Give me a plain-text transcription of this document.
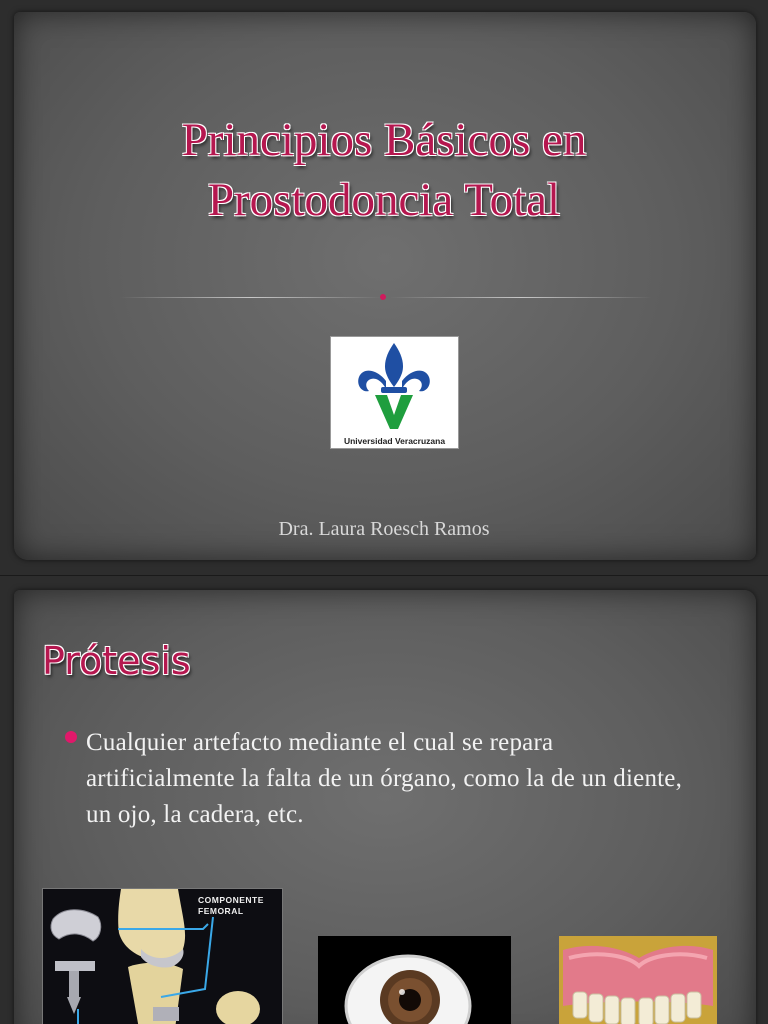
Principios Básicos en
Prostodoncia Total
Universidad Veracruzana
Dra. Laura Roesch Ramos
Prótesis
Cualquier artefacto mediante el cual se repara artificialmente la falta de un órgano, como la de un diente, un ojo, la cadera, etc.
COMPONENTE
FEMORAL
